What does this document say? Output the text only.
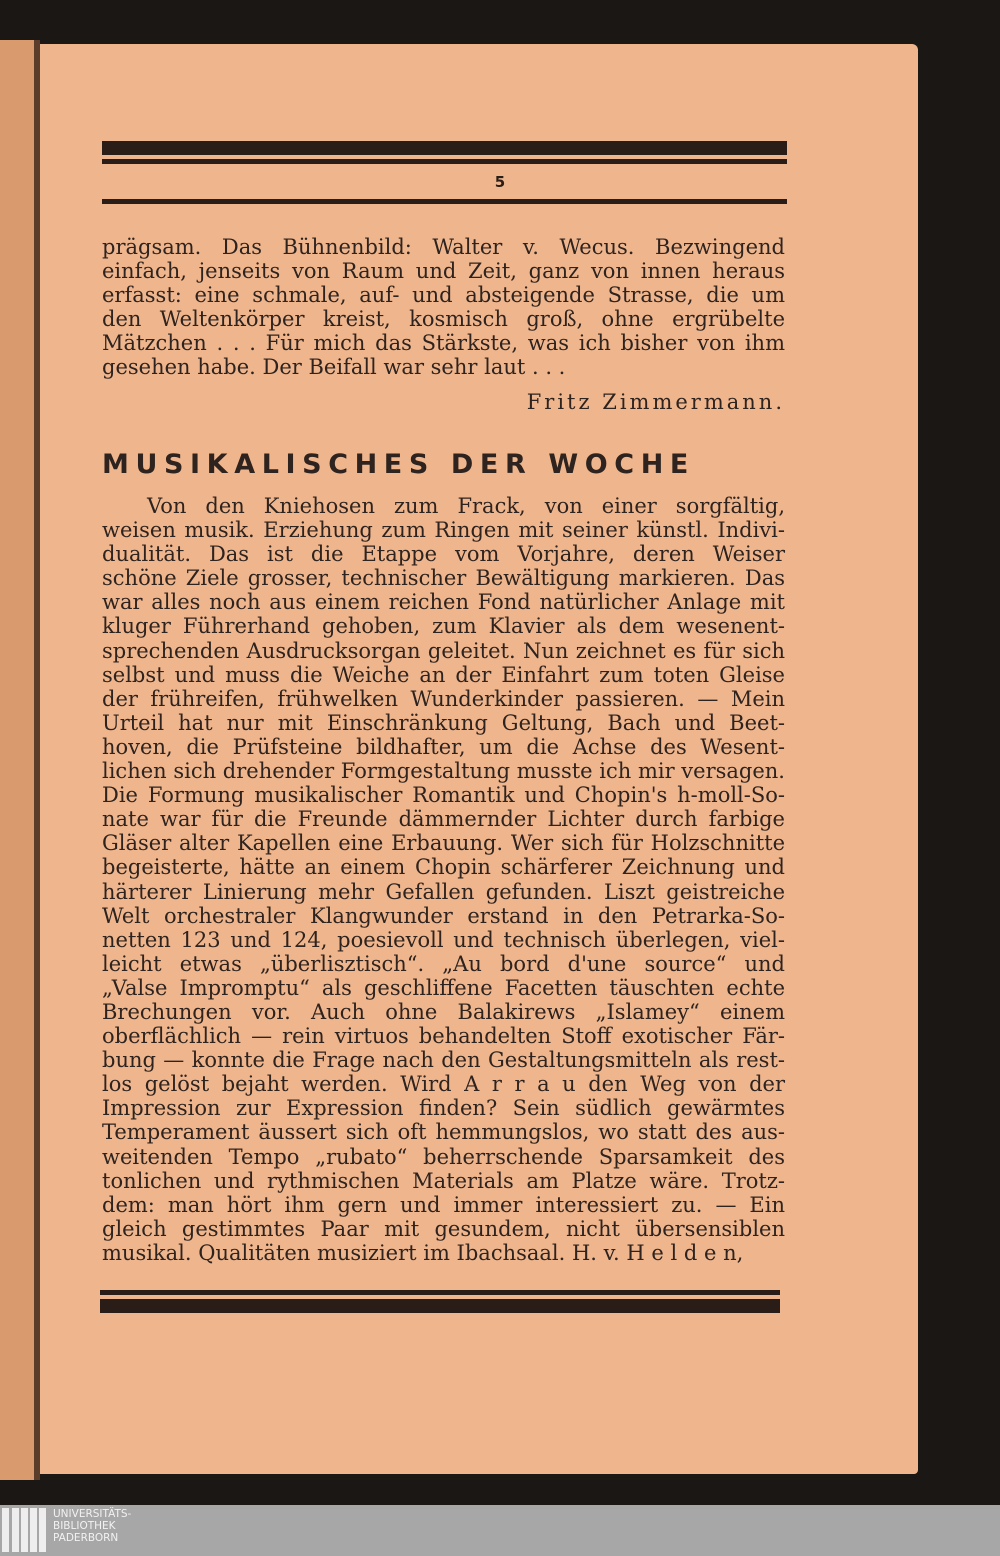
5
prägsam. Das Bühnenbild: Walter v. Wecus. Bezwingend
einfach, jenseits von Raum und Zeit, ganz von innen heraus
erfasst: eine schmale, auf- und absteigende Strasse, die um
den Weltenkörper kreist, kosmisch groß, ohne ergrübelte
Mätzchen . . . Für mich das Stärkste, was ich bisher von ihm
gesehen habe. Der Beifall war sehr laut . . .
Fritz Zimmermann.
MUSIKALISCHES DER WOCHE
Von den Kniehosen zum Frack, von einer sorgfältig,
weisen musik. Erziehung zum Ringen mit seiner künstl. Indivi-
dualität. Das ist die Etappe vom Vorjahre, deren Weiser
schöne Ziele grosser, technischer Bewältigung markieren. Das
war alles noch aus einem reichen Fond natürlicher Anlage mit
kluger Führerhand gehoben, zum Klavier als dem wesenent-
sprechenden Ausdrucksorgan geleitet. Nun zeichnet es für sich
selbst und muss die Weiche an der Einfahrt zum toten Gleise
der frühreifen, frühwelken Wunderkinder passieren. — Mein
Urteil hat nur mit Einschränkung Geltung, Bach und Beet-
hoven, die Prüfsteine bildhafter, um die Achse des Wesent-
lichen sich drehender Formgestaltung musste ich mir versagen.
Die Formung musikalischer Romantik und Chopin's h-moll-So-
nate war für die Freunde dämmernder Lichter durch farbige
Gläser alter Kapellen eine Erbauung. Wer sich für Holzschnitte
begeisterte, hätte an einem Chopin schärferer Zeichnung und
härterer Linierung mehr Gefallen gefunden. Liszt geistreiche
Welt orchestraler Klangwunder erstand in den Petrarka-So-
netten 123 und 124, poesievoll und technisch überlegen, viel-
leicht etwas „überlisztisch“. „Au bord d'une source“ und
„Valse Impromptu“ als geschliffene Facetten täuschten echte
Brechungen vor. Auch ohne Balakirews „Islamey“ einem
oberflächlich — rein virtuos behandelten Stoff exotischer Fär-
bung — konnte die Frage nach den Gestaltungsmitteln als rest-
los gelöst bejaht werden. Wird A r r a u den Weg von der
Impression zur Expression finden? Sein südlich gewärmtes
Temperament äussert sich oft hemmungslos, wo statt des aus-
weitenden Tempo „rubato“ beherrschende Sparsamkeit des
tonlichen und rythmischen Materials am Platze wäre. Trotz-
dem: man hört ihm gern und immer interessiert zu. — Ein
gleich gestimmtes Paar mit gesundem, nicht übersensiblen
musikal. Qualitäten musiziert im Ibachsaal. H. v. H e l d e n,
UNIVERSITÄTS-
BIBLIOTHEK
PADERBORN
